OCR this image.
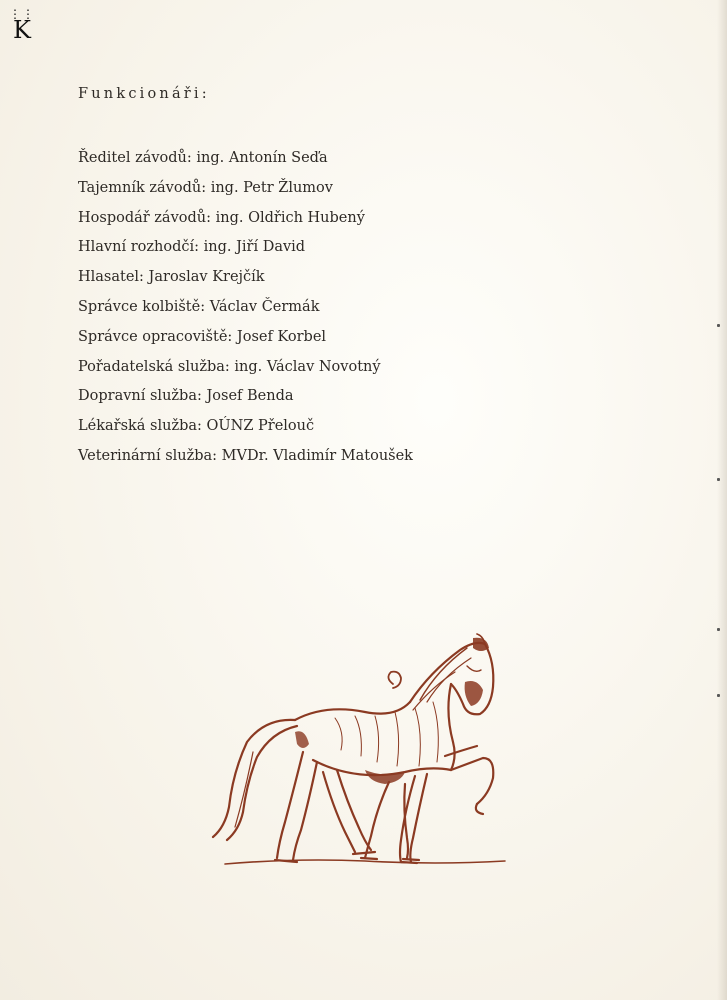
⋮⋮
K
Funkcionáři:
Ředitel závodů: ing. Antonín Seďa
Tajemník závodů: ing. Petr Žlumov
Hospodář závodů: ing. Oldřich Hubený
Hlavní rozhodčí: ing. Jiří David
Hlasatel: Jaroslav Krejčík
Správce kolbiště: Václav Čermák
Správce opracoviště: Josef Korbel
Pořadatelská služba: ing. Václav Novotný
Dopravní služba: Josef Benda
Lékařská služba: OÚNZ Přelouč
Veterinární služba: MVDr. Vladimír Matoušek
